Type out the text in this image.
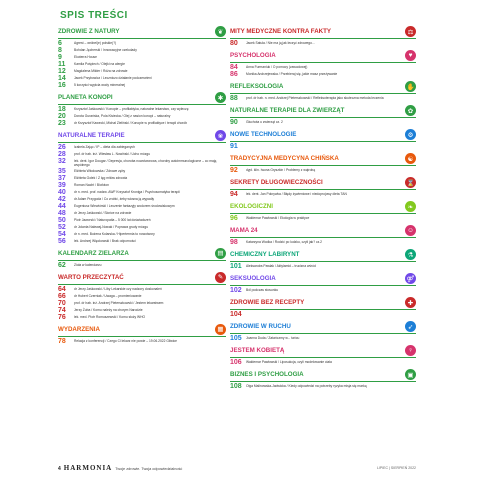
SPIS TREŚCI
ZDROWIE Z NATURY	❦
6	Agrest – wróbel(e) polskie(?)
8	Bohdan Jęcherski / Innowacyjne czekolady
9	Ekoterra House
11	Kamila Pośpiech / Olejki na alergie
12	Magdalena Milder / Róża na zdrowie
14	Jacek Przybowicz / Leczniczo działanie podczerwieni
16	5 korzyści wypicia wody mineralnej
PLANETA KONOPI	✱
18	Krzysztof Jaśkowski / Konopie – profilaktyka, naturalne lekarstwo, czy wyleczę
20	Dorota Gurańska, Pola Kisiecka / Olej z nasion konopi – naturalny
23	dr Krzysztof Kawecki, Michał Zieliński / Konopie w profilaktyce i terapii chorób
NATURALNE TERAPIE	❀
26	Izabela Zając / IP – dieta dla zabieganych
28	prof. dr hab. inż. Wiesław L. Nowiński / Ucho mózgu
32	lek. dent. Igor Dougar / Depresja, choroba nowotworowa, choroby autoimmunologiczne – co mają wspólnego
35	Elżbieta Włodowska / Zdrowe zęby
37	Elżbieta Gołek / Z lęg mitów zdrowia
39	Roman Nacht / Biofoton
40	dr n. med. prof. nadzw. AWF Krzysztof Kroniga / Psychosomatyka terapii
42	dr Adam Przygoda / Co zrobić, żeby wiosna ją wypadły
44	Eugeniusz Wiewiórski / Leczenie fantazyjy wodorem środowiskowym
48	dr Jerzy Jaśkowski / Słońce na zdrowie
50	Piotr Jaworski / Naturopatia – 5 000 lat doświadczeń
52	dr Jolanta Nalewaj-Nowak / Poprawa grudy mózgu
54	dr n. med. Bożena Kolarska / Hipertermia to nowotwory
56	lek. Andrzej Więckowski / Brak odporności
KALENDARZ ZIELARZA	▤
62	Zioła w kalendarzu
WARTO PRZECZYTAĆ	✎
64	dr Jerzy Jaśkowski / Liby Lekarskie czy nadzory doskonaleń
66	dr Hubert Czerniak / Uwaga – promieniowanie
70	prof. dr hab. inż. Andrzej Pieterszkowski / Jestem lekarstwem
74	Jerzy Żuba / Komu należy na chorym Narodzie
76	lek. med. Piotr Romuszewski / Komu służy WHO
WYDARZENIA	▦
78	Relacja z konferencji / Czego Ci lekarz nie powie – 19.06.2022 Gliwice
MITY MEDYCZNE KONTRA FAKTY	⚖
80	Jacek Satula / Nie ma ją jak leczyć zdrowego...
PSYCHOLOGIA	♥
84	Anna Furmaniuk / O pomocy (zawodowej)
86	Monika Andrzejewska / Przebieraj się, jakie masz przeżywanie
REFLEKSOLOGIA	✋
88	prof. dr hab. n. med. Andrzej Pieterszkowski / Refleksoterapia jako skuteczna metoda leczenia
NATURALNE TERAPIE DLA ZWIERZĄT	✿
90	Głuchota u zwierząt cz. 2
NOWE TECHNOLOGIE	⚙
91
TRADYCYJNA MEDYCYNA CHIŃSKA	☯
92	dypl. klin. Iwona Gryszkin / Problemy z wątrobą
SEKRETY DŁUGOWIECZNOŚCI	⌛
94	lek. dent. Jan Pokrywka / Błędy żywieniowe i niedoprojowy dieta TAN
EKOLOGICZNI	❧
96	Waldemar Pawłowski / Ekologia w praktyce
MAMA 24	☺
98	Katarzyna Wodka / Rodzić po ludzku, czyli jak? cz.2
CHEMICZNY LABIRYNT	⚗
101	Aleksandra Pawlak / Aktylamid – trucizna wśród
SEKSUOLOGIA	⚤
102	Ból podczas stosunku
ZDROWIE BEZ RECEPTY	✚
104
ZDROWIE W RUCHU	➶
105	Joanna Duda / Zatańczmy w... tańcu
JESTEM KOBIETĄ	♀
106	Waldemar Pawłowski / Liposukcja, czyli modelowanie ciała
BIZNES I PSYCHOLOGIA	▣
108	Olga Malinowska-Jadwicka / Kiedy odpowiedzi na potrzeby ryzyka misja się marką
4 HARMONIA Twoje zdrowie. Twoja odpowiedzialność	LIPIEC | SIERPIEŃ 2022
